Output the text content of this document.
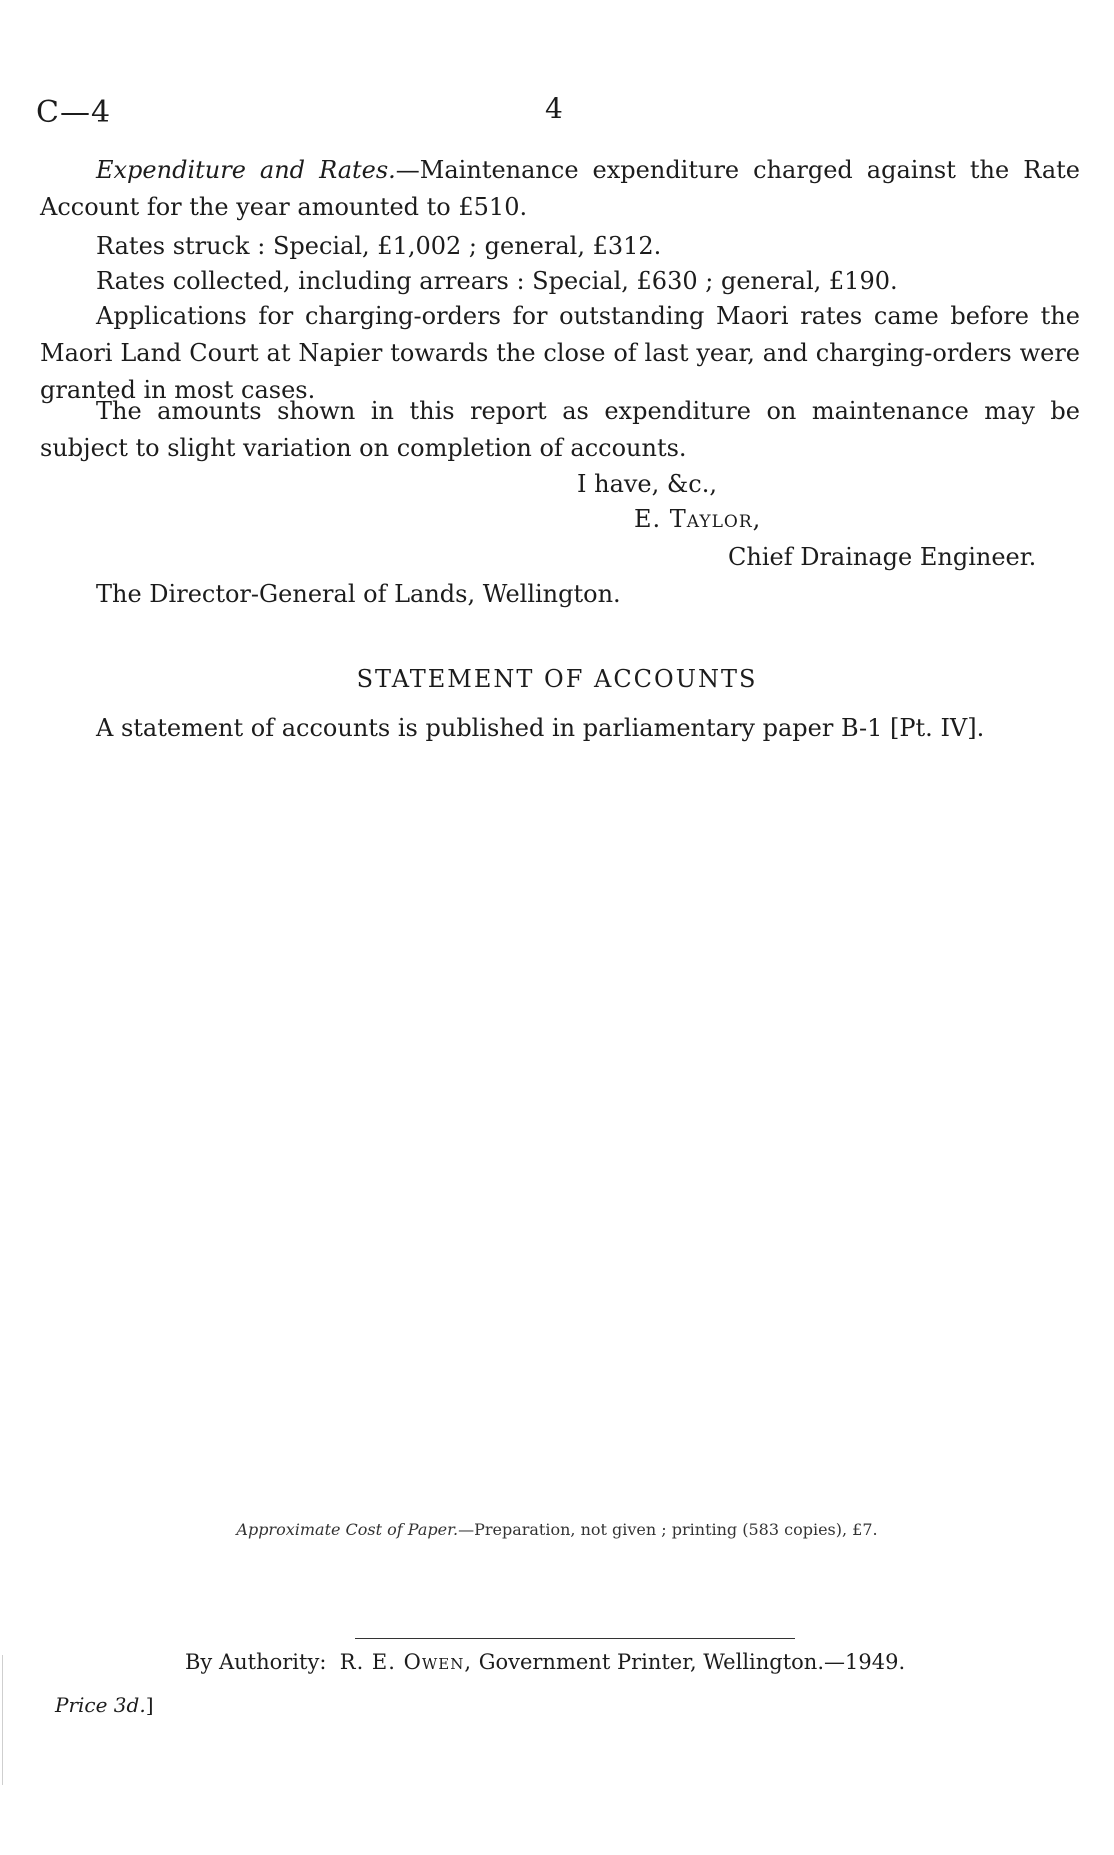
C—4	4
Expenditure and Rates.—Maintenance expenditure charged against the Rate Account for the year amounted to £510.
Rates struck : Special, £1,002 ; general, £312.
Rates collected, including arrears : Special, £630 ; general, £190.
Applications for charging-orders for outstanding Maori rates came before the Maori Land Court at Napier towards the close of last year, and charging-orders were granted in most cases.
The amounts shown in this report as expenditure on maintenance may be subject to slight variation on completion of accounts.
I have, &c.,
E. Taylor,
Chief Drainage Engineer.
The Director-General of Lands, Wellington.
STATEMENT OF ACCOUNTS
A statement of accounts is published in parliamentary paper B-1 [Pt. IV].
Approximate Cost of Paper.—Preparation, not given ; printing (583 copies), £7.
By Authority: R. E. Owen, Government Printer, Wellington.—1949.
Price 3d.]
